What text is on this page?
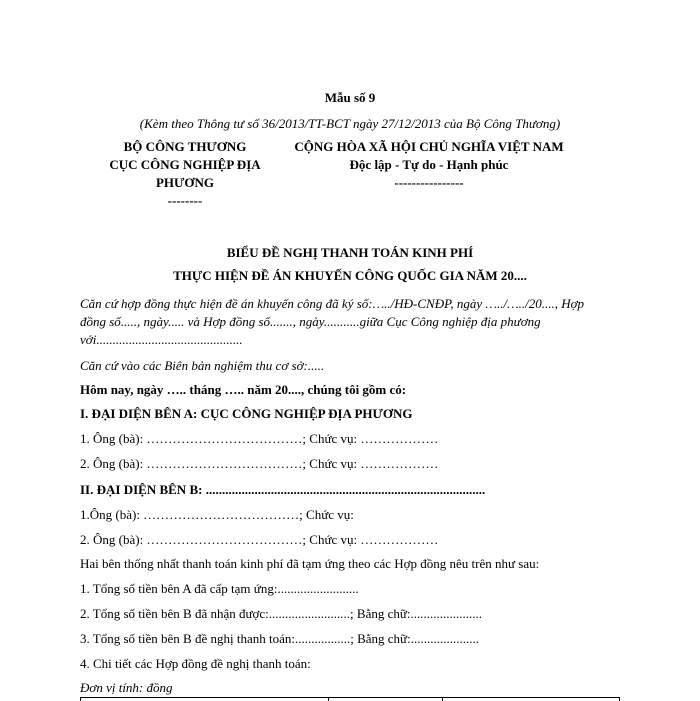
Mẫu số 9
(Kèm theo Thông tư số 36/2013/TT-BCT ngày 27/12/2013 của Bộ Công Thương)
BỘ CÔNG THƯƠNG
CỤC CÔNG NGHIỆP ĐỊA
PHƯƠNG
--------
CỘNG HÒA XÃ HỘI CHỦ NGHĨA VIỆT NAM
Độc lập - Tự do - Hạnh phúc
----------------
BIỂU ĐỀ NGHỊ THANH TOÁN KINH PHÍ
THỰC HIỆN ĐỀ ÁN KHUYẾN CÔNG QUỐC GIA NĂM 20....
Căn cứ hợp đồng thực hiện đề án khuyến công đã ký số:…../HĐ-CNĐP, ngày …../…../20...., Hợp
đồng số....., ngày..... và Hợp đồng số......., ngày...........giữa Cục Công nghiệp địa phương
với.............................................
Căn cứ vào các Biên bản nghiệm thu cơ sở:.....
Hôm nay, ngày ….. tháng ….. năm 20...., chúng tôi gồm có:
I. ĐẠI DIỆN BÊN A: CỤC CÔNG NGHIỆP ĐỊA PHƯƠNG
1. Ông (bà): ………………………………; Chức vụ: ………………
2. Ông (bà): ………………………………; Chức vụ: ………………
II. ĐẠI DIỆN BÊN B: ......................................................................................
1.Ông (bà): ………………………………; Chức vụ:
2. Ông (bà): ………………………………; Chức vụ: ………………
Hai bên thống nhất thanh toán kinh phí đã tạm ứng theo các Hợp đồng nêu trên như sau:
1. Tổng số tiền bên A đã cấp tạm ứng:.........................
2. Tổng số tiền bên B đã nhận được:.........................; Bằng chữ:......................
3. Tổng số tiền bên B đề nghị thanh toán:.................; Bằng chữ:.....................
4. Chi tiết các Hợp đồng đề nghị thanh toán:
Đơn vị tính: đồng
